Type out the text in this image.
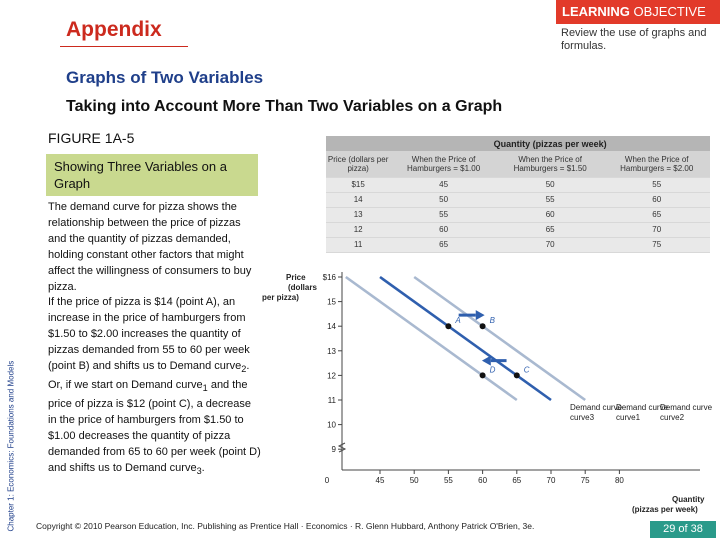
Appendix
LEARNING OBJECTIVE
Review the use of graphs and formulas.
Graphs of Two Variables
Taking into Account More Than Two Variables on a Graph
FIGURE 1A-5
Showing Three Variables on a Graph
The demand curve for pizza shows the relationship between the price of pizzas and the quantity of pizzas demanded, holding constant other factors that might affect the willingness of consumers to buy pizza.
If the price of pizza is $14 (point A), an increase in the price of hamburgers from $1.50 to $2.00 increases the quantity of pizzas demanded from 55 to 60 per week (point B) and shifts us to Demand curve$_2$.
Or, if we start on Demand curve$_1$ and the price of pizza is $12 (point C), a decrease in the price of hamburgers from $1.50 to $1.00 decreases the quantity of pizza demanded from 65 to 60 per week (point D) and shifts us to Demand curve$_3$.
Chapter 1: Economics: Foundations and Models
	Quantity (pizzas per week)		
Price (dollars per pizza)	When the Price of Hamburgers = $1.00	When the Price of Hamburgers = $1.50	When the Price of Hamburgers = $2.00
$15	45	50	55
14	50	55	60
13	55	60	65
12	60	65	70
11	65	70	75
Price
(dollars
per pizza)
Quantity
(pizzas per week)
$16
15
14
13
12
11
10
9
0	45	50	55	60	65	70	75	80
A	B
C
D
Demand curve
curve3
Demand curve
curve1
Demand curve
curve2
Copyright © 2010 Pearson Education, Inc. Publishing as Prentice Hall · Economics · R. Glenn Hubbard, Anthony Patrick O'Brien, 3e.	29 of 38
